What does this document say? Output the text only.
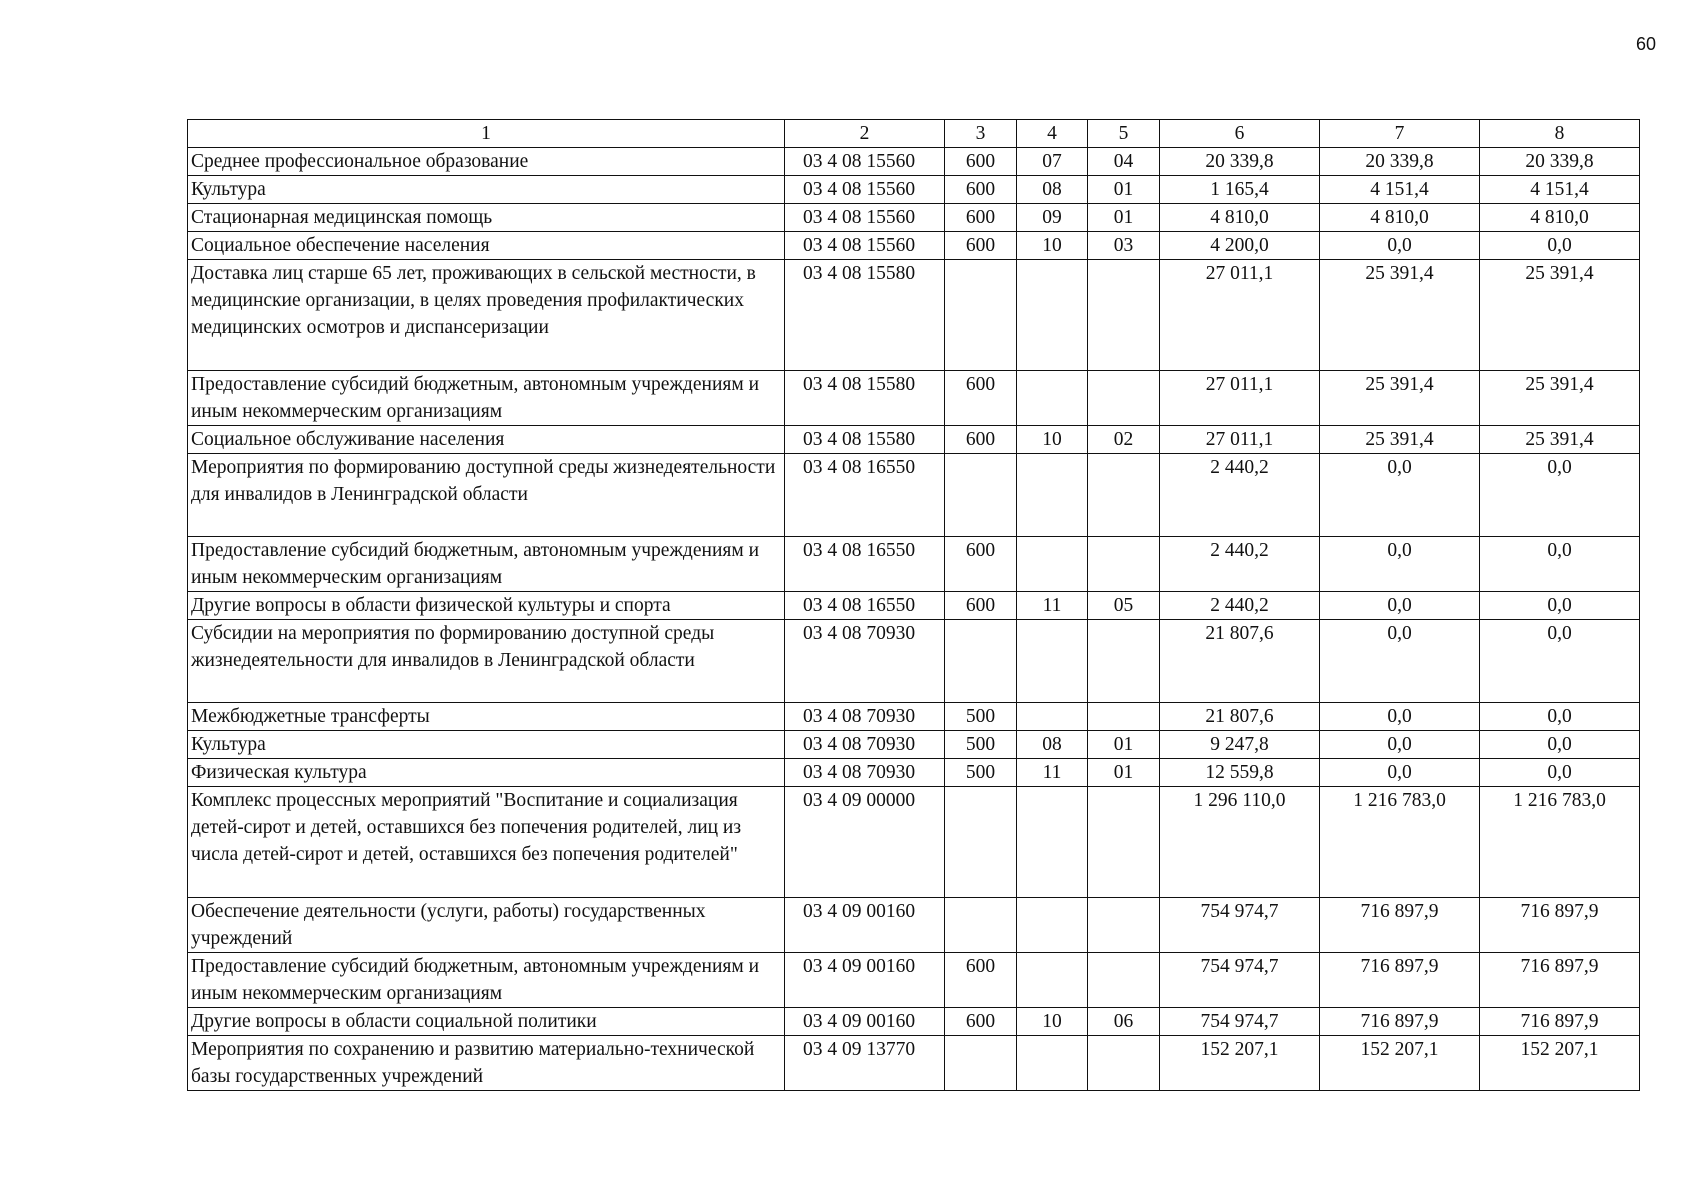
60
1	2	3	4	5	6	7	8
Среднее профессиональное образование	03 4 08 15560	600	07	04	20 339,8	20 339,8	20 339,8
Культура	03 4 08 15560	600	08	01	1 165,4	4 151,4	4 151,4
Стационарная медицинская помощь	03 4 08 15560	600	09	01	4 810,0	4 810,0	4 810,0
Социальное обеспечение населения	03 4 08 15560	600	10	03	4 200,0	0,0	0,0
Доставка лиц старше 65 лет, проживающих в сельской местности, в медицинские организации, в целях проведения профилактических медицинских осмотров и диспансеризации	03 4 08 15580				27 011,1	25 391,4	25 391,4
Предоставление субсидий бюджетным, автономным учреждениям и иным некоммерческим организациям	03 4 08 15580	600			27 011,1	25 391,4	25 391,4
Социальное обслуживание населения	03 4 08 15580	600	10	02	27 011,1	25 391,4	25 391,4
Мероприятия по формированию доступной среды жизнедеятельности для инвалидов в Ленинградской области	03 4 08 16550				2 440,2	0,0	0,0
Предоставление субсидий бюджетным, автономным учреждениям и иным некоммерческим организациям	03 4 08 16550	600			2 440,2	0,0	0,0
Другие вопросы в области физической культуры и спорта	03 4 08 16550	600	11	05	2 440,2	0,0	0,0
Субсидии на мероприятия по формированию доступной среды жизнедеятельности для инвалидов в Ленинградской области	03 4 08 70930				21 807,6	0,0	0,0
Межбюджетные трансферты	03 4 08 70930	500			21 807,6	0,0	0,0
Культура	03 4 08 70930	500	08	01	9 247,8	0,0	0,0
Физическая культура	03 4 08 70930	500	11	01	12 559,8	0,0	0,0
Комплекс процессных мероприятий "Воспитание и социализация детей-сирот и детей, оставшихся без попечения родителей, лиц из числа детей-сирот и детей, оставшихся без попечения родителей"	03 4 09 00000				1 296 110,0	1 216 783,0	1 216 783,0
Обеспечение деятельности (услуги, работы) государственных учреждений	03 4 09 00160				754 974,7	716 897,9	716 897,9
Предоставление субсидий бюджетным, автономным учреждениям и иным некоммерческим организациям	03 4 09 00160	600			754 974,7	716 897,9	716 897,9
Другие вопросы в области социальной политики	03 4 09 00160	600	10	06	754 974,7	716 897,9	716 897,9
Мероприятия по сохранению и развитию материально-технической базы государственных учреждений	03 4 09 13770				152 207,1	152 207,1	152 207,1
